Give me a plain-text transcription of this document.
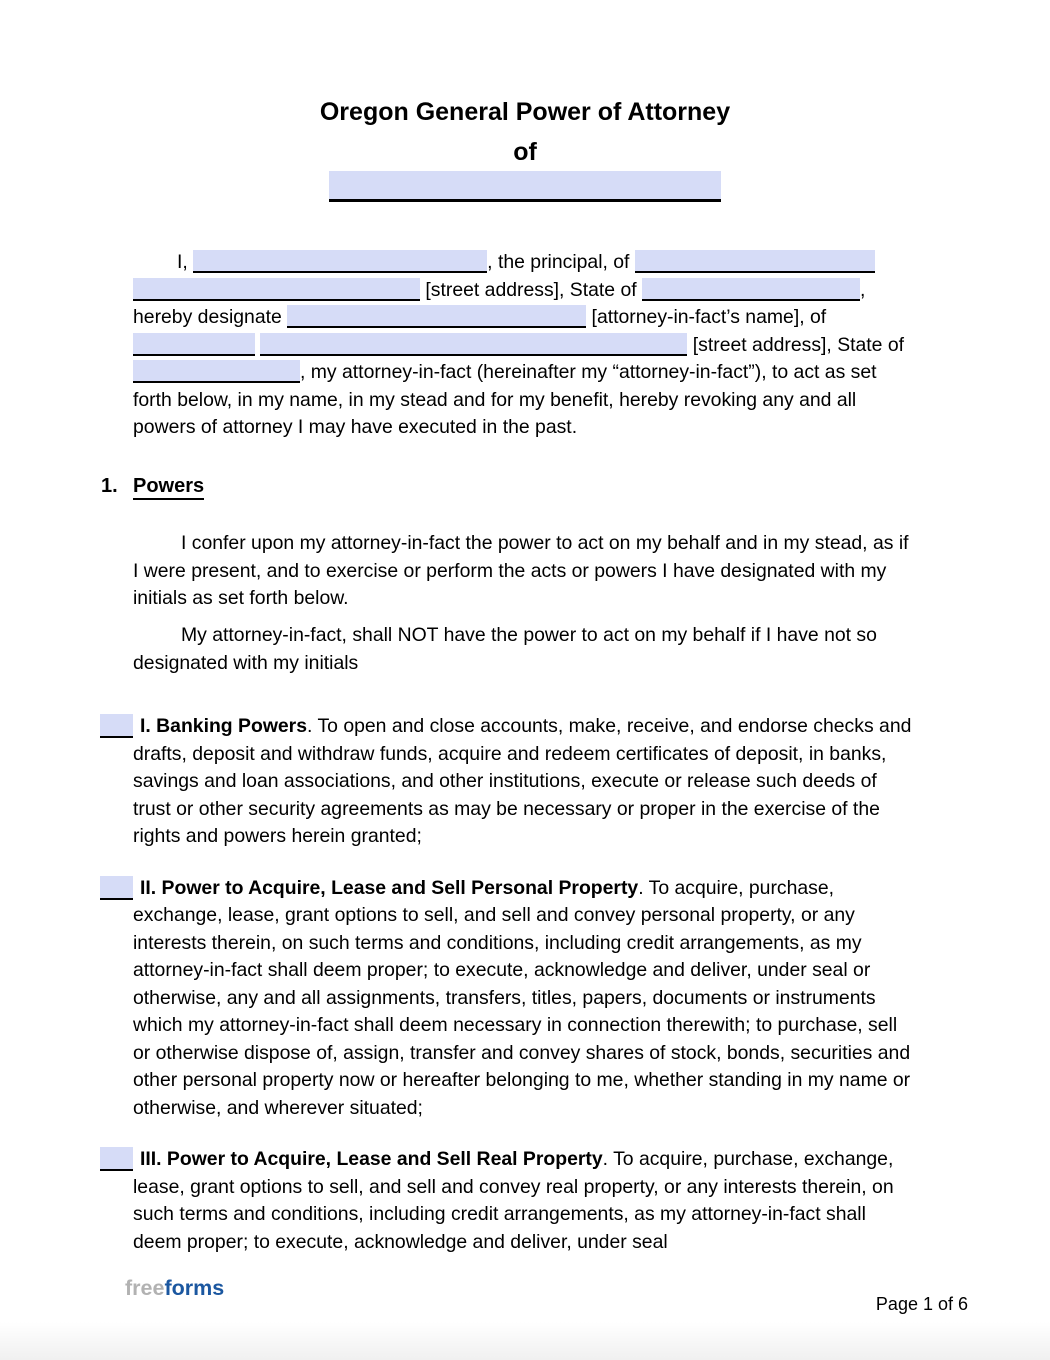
Oregon General Power of Attorney
of

I,	, the principal, of   [street address], State of	, hereby designate	[attorney-in-fact’s name], of   [street address], State of , my attorney-in-fact (hereinafter my “attorney-in-fact”), to act as set forth below, in my name, in my stead and for my benefit, hereby revoking any and all powers of attorney I may have executed in the past.

1. Powers

I confer upon my attorney-in-fact the power to act on my behalf and in my stead, as if I were present, and to exercise or perform the acts or powers I have designated with my initials as set forth below.

My attorney-in-fact, shall NOT have the power to act on my behalf if I have not so designated with my initials

I. Banking Powers. To open and close accounts, make, receive, and endorse checks and drafts, deposit and withdraw funds, acquire and redeem certificates of deposit, in banks, savings and loan associations, and other institutions, execute or release such deeds of trust or other security agreements as may be necessary or proper in the exercise of the rights and powers herein granted;

II. Power to Acquire, Lease and Sell Personal Property. To acquire, purchase, exchange, lease, grant options to sell, and sell and convey personal property, or any interests therein, on such terms and conditions, including credit arrangements, as my attorney-in-fact shall deem proper; to execute, acknowledge and deliver, under seal or otherwise, any and all assignments, transfers, titles, papers, documents or instruments which my attorney-in-fact shall deem necessary in connection therewith; to purchase, sell or otherwise dispose of, assign, transfer and convey shares of stock, bonds, securities and other personal property now or hereafter belonging to me, whether standing in my name or otherwise, and wherever situated;

III. Power to Acquire, Lease and Sell Real Property. To acquire, purchase, exchange, lease, grant options to sell, and sell and convey real property, or any interests therein, on such terms and conditions, including credit arrangements, as my attorney-in-fact shall deem proper; to execute, acknowledge and deliver, under seal

freeforms
Page 1 of 6
